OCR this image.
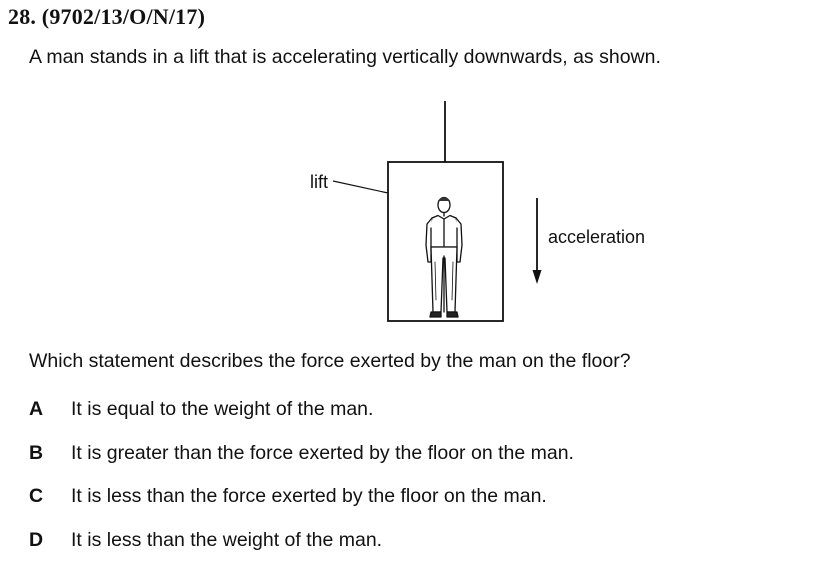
28. (9702/13/O/N/17)
A man stands in a lift that is accelerating vertically downwards, as shown.
lift
acceleration
Which statement describes the force exerted by the man on the floor?
A It is equal to the weight of the man.
B It is greater than the force exerted by the floor on the man.
C It is less than the force exerted by the floor on the man.
D It is less than the weight of the man.
